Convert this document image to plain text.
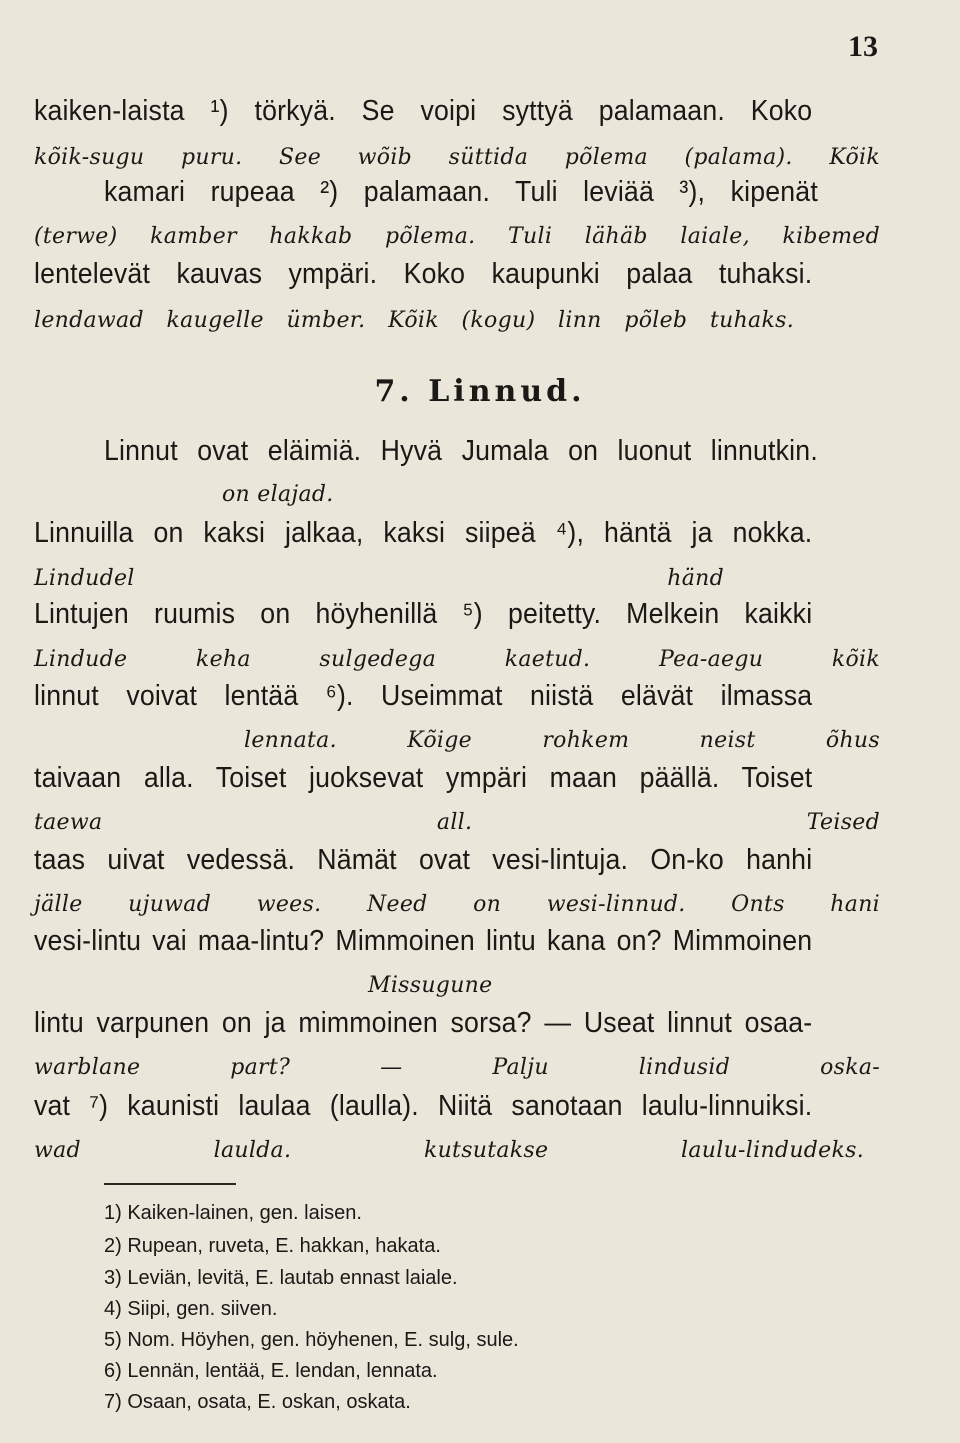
13
kaiken-laista ¹) törkyä. Se voipi syttyä palamaan. Koko
kõik-sugu puru. See wõib süttida põlema (palama). Kõik
kamari rupeaa ²) palamaan. Tuli leviää ³), kipenät
(terwe) kamber hakkab põlema. Tuli lähäb laiale, kibemed
lentelevät kauvas ympäri. Koko kaupunki palaa tuhaksi.
lendawad kaugelle ümber. Kõik (kogu) linn põleb tuhaks.
7. Linnud.
Linnut ovat eläimiä. Hyvä Jumala on luonut linnutkin.
on elajad.
Linnuilla on kaksi jalkaa, kaksi siipeä ⁴), häntä ja nokka.
Lindudel händ
Lintujen ruumis on höyhenillä ⁵) peitetty. Melkein kaikki
Lindude keha sulgedega kaetud. Pea-aegu kõik
linnut voivat lentää ⁶). Useimmat niistä elävät ilmassa
lennata. Kõige rohkem neist õhus
taivaan alla. Toiset juoksevat ympäri maan päällä. Toiset
taewa all. Teised
taas uivat vedessä. Nämät ovat vesi-lintuja. On-ko hanhi
jälle ujuwad wees. Need on wesi-linnud. Onts hani
vesi-lintu vai maa-lintu? Mimmoinen lintu kana on? Mimmoinen
Missugune
lintu varpunen on ja mimmoinen sorsa? — Useat linnut osaa-
warblane part? — Palju lindusid oska-
vat ⁷) kaunisti laulaa (laulla). Niitä sanotaan laulu-linnuiksi.
wad laulda. kutsutakse laulu-lindudeks.
1) Kaiken-lainen, gen. laisen.
2) Rupean, ruveta, E. hakkan, hakata.
3) Leviän, levitä, E. lautab ennast laiale.
4) Siipi, gen. siiven.
5) Nom. Höyhen, gen. höyhenen, E. sulg, sule.
6) Lennän, lentää, E. lendan, lennata.
7) Osaan, osata, E. oskan, oskata.
